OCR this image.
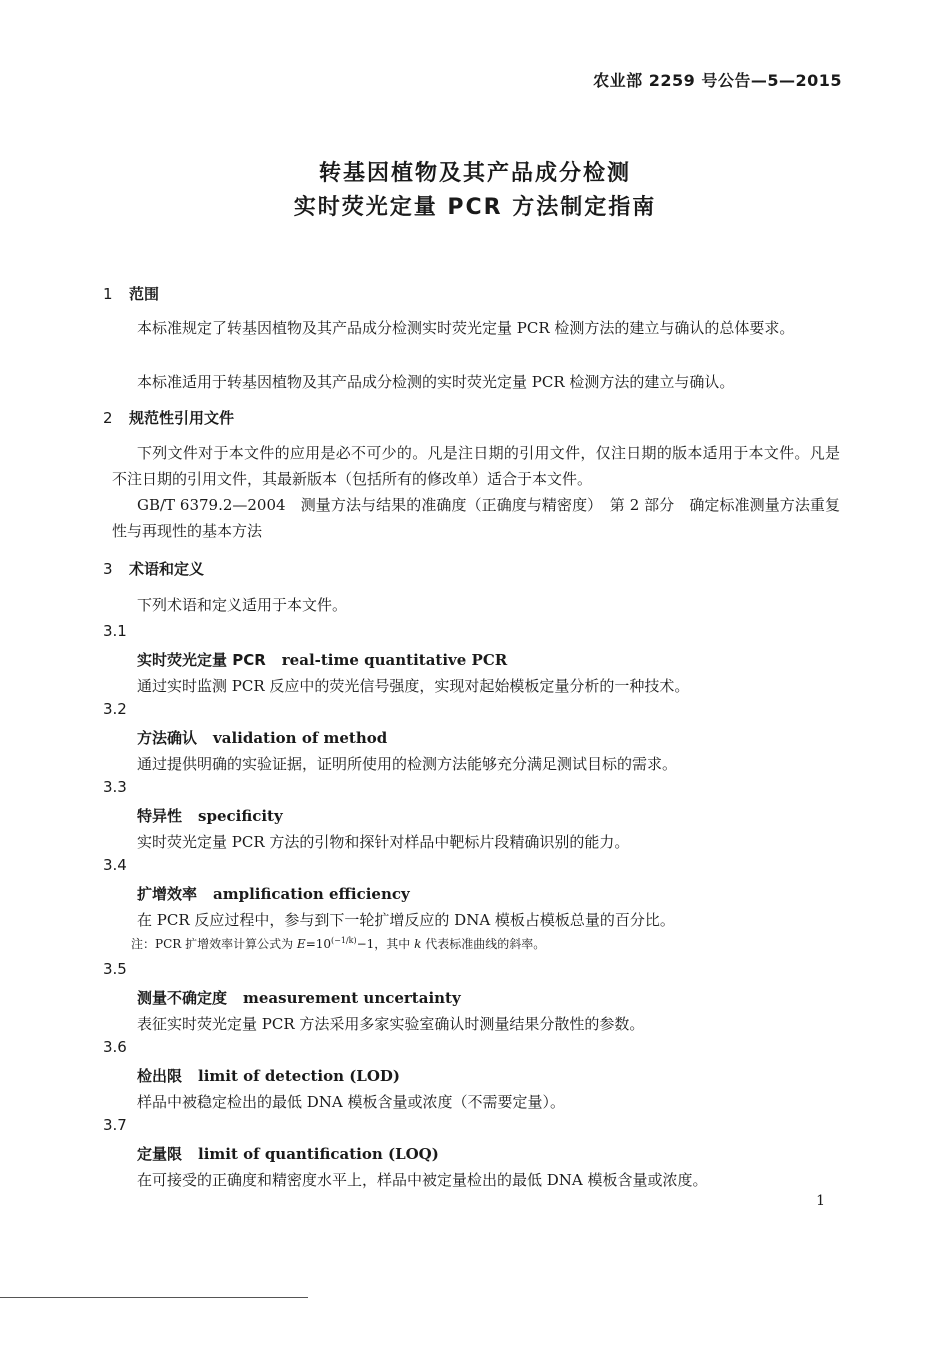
农业部 2259 号公告—5—2015
转基因植物及其产品成分检测
实时荧光定量 PCR 方法制定指南
1 范围
本标准规定了转基因植物及其产品成分检测实时荧光定量 PCR 检测方法的建立与确认的总体要求。
本标准适用于转基因植物及其产品成分检测的实时荧光定量 PCR 检测方法的建立与确认。
2 规范性引用文件
下列文件对于本文件的应用是必不可少的。凡是注日期的引用文件，仅注日期的版本适用于本文件。凡是不注日期的引用文件，其最新版本（包括所有的修改单）适合于本文件。
GB/T 6379.2—2004　测量方法与结果的准确度（正确度与精密度）　第 2 部分　确定标准测量方法重复性与再现性的基本方法
3 术语和定义
下列术语和定义适用于本文件。
3.1
实时荧光定量 PCR real-time quantitative PCR
通过实时监测 PCR 反应中的荧光信号强度，实现对起始模板定量分析的一种技术。
3.2
方法确认 validation of method
通过提供明确的实验证据，证明所使用的检测方法能够充分满足测试目标的需求。
3.3
特异性 specificity
实时荧光定量 PCR 方法的引物和探针对样品中靶标片段精确识别的能力。
3.4
扩增效率 amplification efficiency
在 PCR 反应过程中，参与到下一轮扩增反应的 DNA 模板占模板总量的百分比。
注：PCR 扩增效率计算公式为 $E=10^{(-1/k)}-1$，其中 k 代表标准曲线的斜率。
3.5
测量不确定度 measurement uncertainty
表征实时荧光定量 PCR 方法采用多家实验室确认时测量结果分散性的参数。
3.6
检出限 limit of detection (LOD)
样品中被稳定检出的最低 DNA 模板含量或浓度（不需要定量）。
3.7
定量限 limit of quantification (LOQ)
在可接受的正确度和精密度水平上，样品中被定量检出的最低 DNA 模板含量或浓度。
1
